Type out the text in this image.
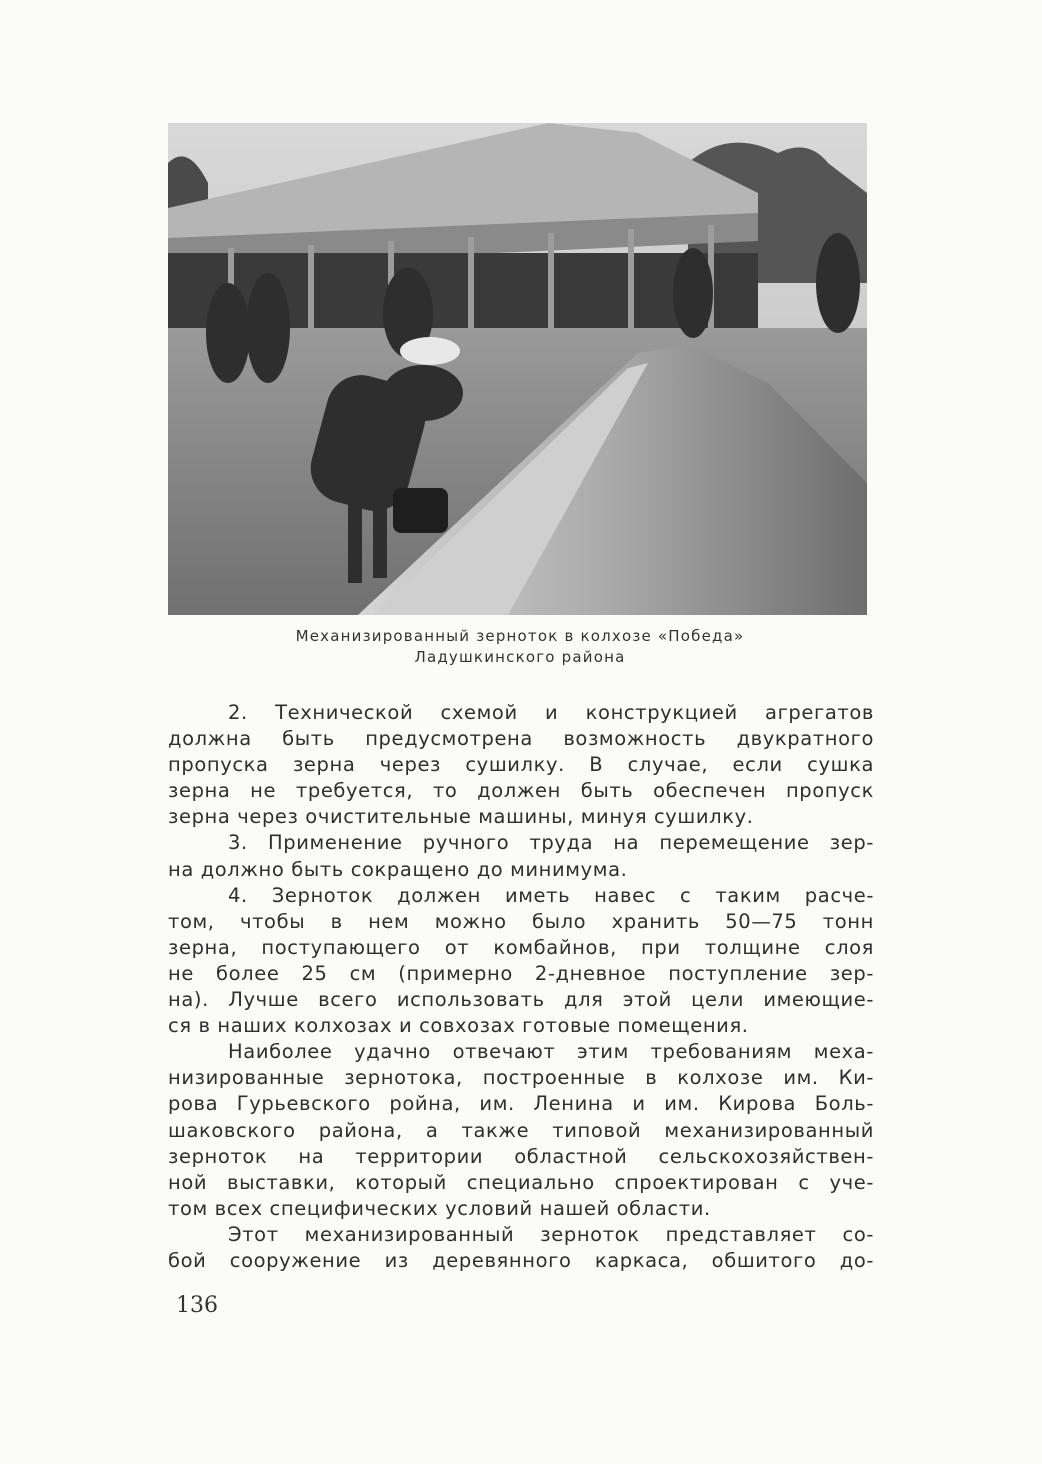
Механизированный зерноток в колхозе «Победа»
Ладушкинского района

2. Технической схемой и конструкцией агрегатов

должна быть предусмотрена возможность двукратного

пропуска зерна через сушилку. В случае, если сушка

зерна не требуется, то должен быть обеспечен пропуск

зерна через очистительные машины, минуя сушилку.

3. Применение ручного труда на перемещение зер-

на должно быть сокращено до минимума.

4. Зерноток должен иметь навес с таким расче-

том, чтобы в нем можно было хранить 50—75 тонн

зерна, поступающего от комбайнов, при толщине слоя

не более 25 см (примерно 2-дневное поступление зер-

на). Лучше всего использовать для этой цели имеющие-

ся в наших колхозах и совхозах готовые помещения.

Наиболее удачно отвечают этим требованиям меха-

низированные зернотока, построенные в колхозе им. Ки-

рова Гурьевского ройна, им. Ленина и им. Кирова Боль-

шаковского района, а также типовой механизированный

зерноток на территории областной сельскохозяйствен-

ной выставки, который специально спроектирован с уче-

том всех специфических условий нашей области.

Этот механизированный зерноток представляет со-

бой сооружение из деревянного каркаса, обшитого до-

136
